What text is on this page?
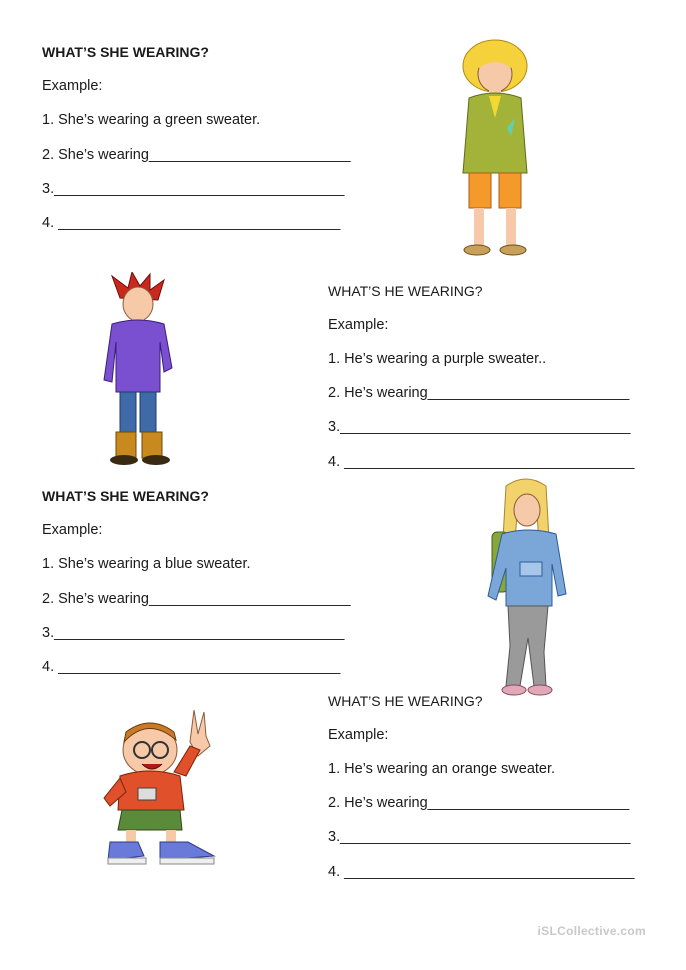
WHAT’S SHE WEARING?
Example:
1. She’s wearing a green sweater.
2. She’s wearing_________________________
3.____________________________________
4. ___________________________________
WHAT’S HE WEARING?
Example:
1. He’s wearing a purple sweater..
2. He’s wearing_________________________
3.____________________________________
4. ____________________________________
WHAT’S SHE WEARING?
Example:
1. She’s wearing a blue sweater.
2. She’s wearing_________________________
3.____________________________________
4. ___________________________________
WHAT’S HE WEARING?
Example:
1. He’s wearing an orange sweater.
2. He’s wearing_________________________
3.____________________________________
4. ____________________________________
iSLCollective.com
